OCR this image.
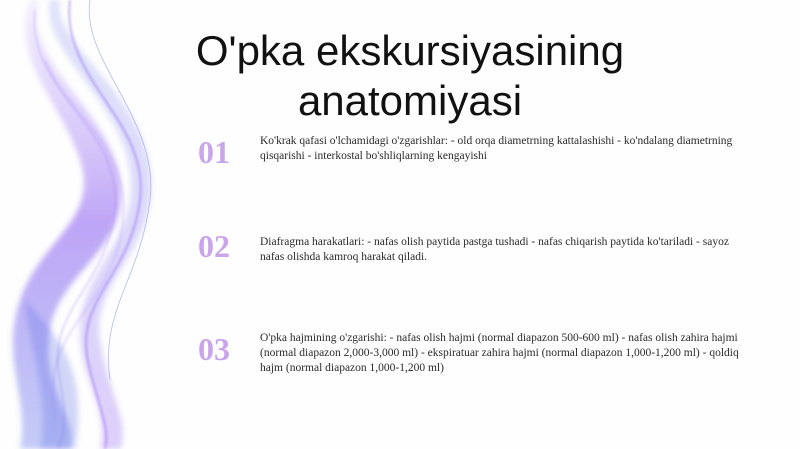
O'pka ekskursiyasining anatomiyasi
01	Ko'krak qafasi o'lchamidagi o'zgarishlar: - old orqa diametrning kattalashishi - ko'ndalang diametrning qisqarishi - interkostal bo'shliqlarning kengayishi
02	Diafragma harakatlari: - nafas olish paytida pastga tushadi - nafas chiqarish paytida ko'tariladi - sayoz nafas olishda kamroq harakat qiladi.
03	O'pka hajmining o'zgarishi: - nafas olish hajmi (normal diapazon 500-600 ml) - nafas olish zahira hajmi (normal diapazon 2,000-3,000 ml) - ekspiratuar zahira hajmi (normal diapazon 1,000-1,200 ml) - qoldiq hajm (normal diapazon 1,000-1,200 ml)
